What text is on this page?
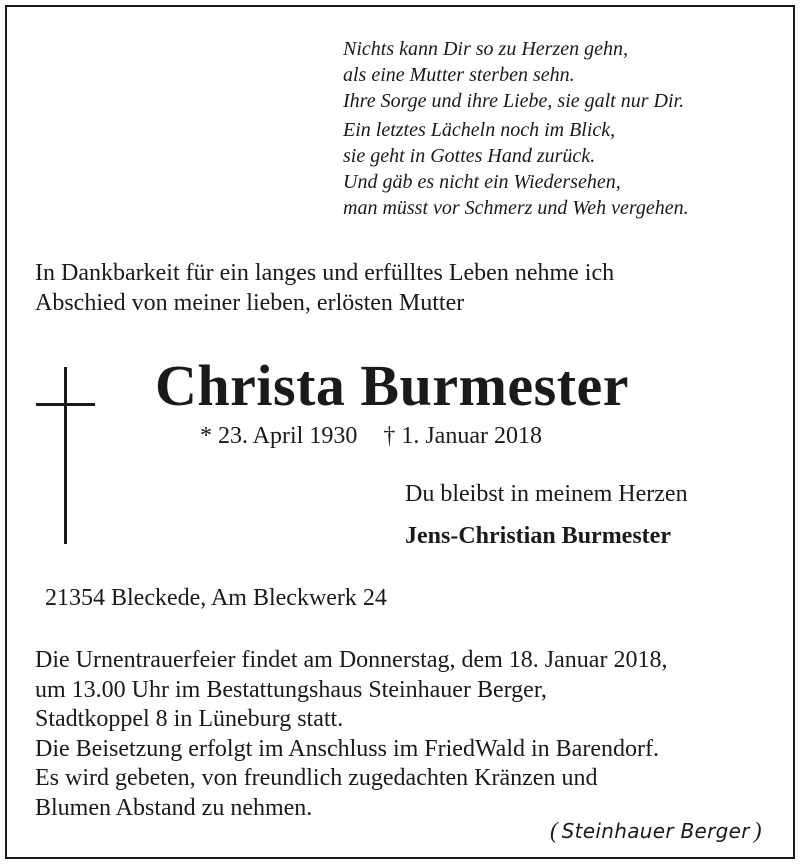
Nichts kann Dir so zu Herzen gehn,
als eine Mutter sterben sehn.
Ihre Sorge und ihre Liebe, sie galt nur Dir.
Ein letztes Lächeln noch im Blick,
sie geht in Gottes Hand zurück.
Und gäb es nicht ein Wiedersehen,
man müsst vor Schmerz und Weh vergehen.
In Dankbarkeit für ein langes und erfülltes Leben nehme ich
Abschied von meiner lieben, erlösten Mutter
Christa Burmester
* 23. April 1930 † 1. Januar 2018
Du bleibst in meinem Herzen
Jens-Christian Burmester
21354 Bleckede, Am Bleckwerk 24
Die Urnentrauerfeier findet am Donnerstag, dem 18. Januar 2018,
um 13.00 Uhr im Bestattungshaus Steinhauer Berger,
Stadtkoppel 8 in Lüneburg statt.
Die Beisetzung erfolgt im Anschluss im FriedWald in Barendorf.
Es wird gebeten, von freundlich zugedachten Kränzen und
Blumen Abstand zu nehmen.
( Steinhauer Berger )
